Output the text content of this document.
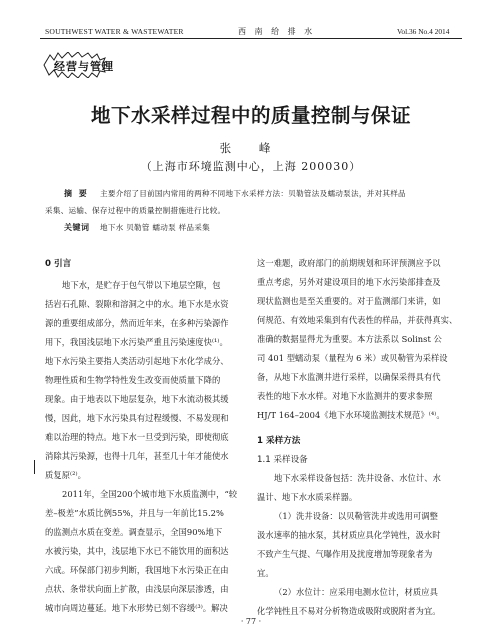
SOUTHWEST WATER & WASTEWATER	西 南 给 排 水	Vol.36 No.4 2014
经营与管理
地下水采样过程中的质量控制与保证
张 峰
（上海市环境监测中心，上海 200030）
摘 要 主要介绍了目前国内常用的两种不同地下水采样方法：贝勒管法及蠕动泵法，并对其样品
采集、运输、保存过程中的质量控制措施进行比较。
关键词 地下水 贝勒管 蠕动泵 样品采集
0 引言
地下水，是贮存于包气带以下地层空隙，包
括岩石孔隙、裂隙和溶洞之中的水。地下水是水资
源的重要组成部分，然而近年来，在多种污染源作
用下，我国浅层地下水污染严重且污染速度快⁽¹⁾。
地下水污染主要指人类活动引起地下水化学成分、
物理性质和生物学特性发生改变而使质量下降的
现象。由于地表以下地层复杂，地下水流动极其缓
慢，因此，地下水污染具有过程缓慢、不易发现和
难以治理的特点。地下水一旦受到污染，即使彻底
消除其污染源，也得十几年，甚至几十年才能使水
质复原⁽²⁾。
2011年，全国200个城市地下水质监测中，“较
差–极差”水质比例55%，并且与一年前比15.2%
的监测点水质在变差。调查显示，全国90%地下
水被污染，其中，浅层地下水已不能饮用的面积达
六成。环保部门初步判断，我国地下水污染正在由
点状、条带状向面上扩散，由浅层向深层渗透，由
城市向周边蔓延。地下水形势已刻不容缓⁽³⁾。解决
这一难题，政府部门的前期规划和环评预测应予以
重点考虑，另外对建设项目的地下水污染部排查及
现状监测也是至关重要的。对于监测部门来讲，如
何规范、有效地采集到有代表性的样品，并获得真实、
准确的数据显得尤为重要。本方法系以 Solinst 公
司 401 型蠕动泵（量程为 6 米）或贝勒管为采样设
备，从地下水监测井进行采样，以确保采得具有代
表性的地下水水样。对地下水监测井的要求参照
HJ/T 164–2004《地下水环境监测技术规范》⁽⁴⁾。
1 采样方法
1.1 采样设备
地下水采样设备包括：洗井设备、水位计、水
温计、地下水水质采样器。
（1）洗井设备：以贝勒管洗井或选用可调整
汲水速率的抽水泵，其材质应具化学钝性，汲水时
不致产生气提、气曝作用及扰度增加等现象者为
宜。
（2）水位计：应采用电测水位计，材质应具
化学钝性且不易对分析物造成吸附或脱附者为宜。
· 77 ·
